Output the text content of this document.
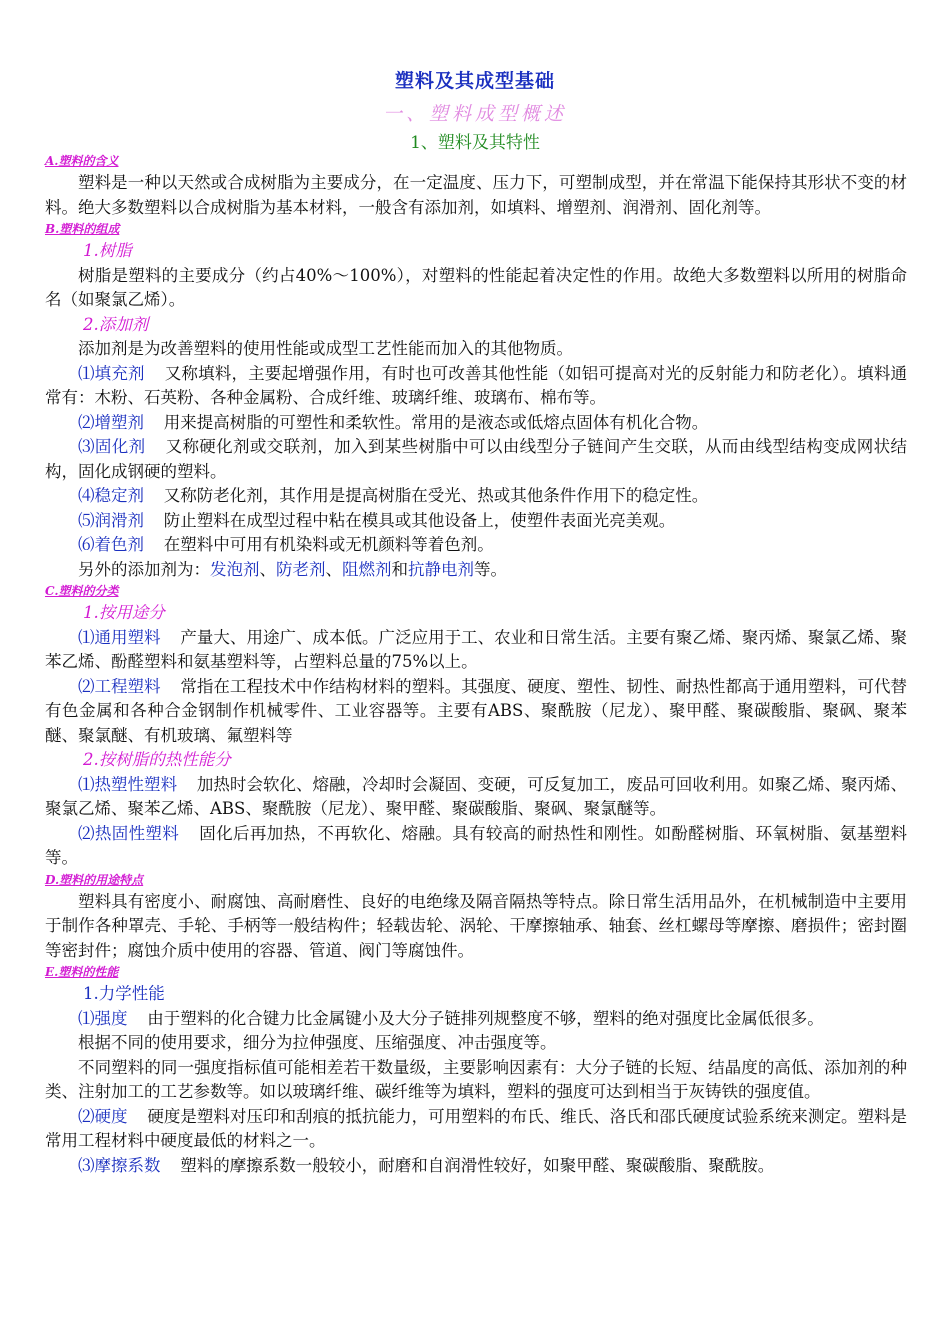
塑料及其成型基础
一、塑料成型概述
1、塑料及其特性
A.塑料的含义

塑料是一种以天然或合成树脂为主要成分，在一定温度、压力下，可塑制成型，并在常温下能保持其形状不变的材料。绝大多数塑料以合成树脂为基本材料，一般含有添加剂，如填料、增塑剂、润滑剂、固化剂等。

B.塑料的组成
1.树脂

树脂是塑料的主要成分（约占40%～100%），对塑料的性能起着决定性的作用。故绝大多数塑料以所用的树脂命名（如聚氯乙烯）。

2.添加剂

添加剂是为改善塑料的使用性能或成型工艺性能而加入的其他物质。

⑴填充剂 又称填料，主要起增强作用，有时也可改善其他性能（如铝可提高对光的反射能力和防老化）。填料通常有：木粉、石英粉、各种金属粉、合成纤维、玻璃纤维、玻璃布、棉布等。

⑵增塑剂 用来提高树脂的可塑性和柔软性。常用的是液态或低熔点固体有机化合物。

⑶固化剂 又称硬化剂或交联剂，加入到某些树脂中可以由线型分子链间产生交联，从而由线型结构变成网状结构，固化成钢硬的塑料。

⑷稳定剂 又称防老化剂，其作用是提高树脂在受光、热或其他条件作用下的稳定性。

⑸润滑剂 防止塑料在成型过程中粘在模具或其他设备上，使塑件表面光亮美观。

⑹着色剂 在塑料中可用有机染料或无机颜料等着色剂。

另外的添加剂为：发泡剂、防老剂、阻燃剂和抗静电剂等。

C.塑料的分类
1.按用途分

⑴通用塑料 产量大、用途广、成本低。广泛应用于工、农业和日常生活。主要有聚乙烯、聚丙烯、聚氯乙烯、聚苯乙烯、酚醛塑料和氨基塑料等，占塑料总量的75%以上。

⑵工程塑料 常指在工程技术中作结构材料的塑料。其强度、硬度、塑性、韧性、耐热性都高于通用塑料，可代替有色金属和各种合金钢制作机械零件、工业容器等。主要有ABS、聚酰胺（尼龙）、聚甲醛、聚碳酸脂、聚砜、聚苯醚、聚氯醚、有机玻璃、氟塑料等

2.按树脂的热性能分

⑴热塑性塑料 加热时会软化、熔融，冷却时会凝固、变硬，可反复加工，废品可回收利用。如聚乙烯、聚丙烯、聚氯乙烯、聚苯乙烯、ABS、聚酰胺（尼龙）、聚甲醛、聚碳酸脂、聚砜、聚氯醚等。

⑵热固性塑料 固化后再加热，不再软化、熔融。具有较高的耐热性和刚性。如酚醛树脂、环氧树脂、氨基塑料等。

D.塑料的用途特点

塑料具有密度小、耐腐蚀、高耐磨性、良好的电绝缘及隔音隔热等特点。除日常生活用品外，在机械制造中主要用于制作各种罩壳、手轮、手柄等一般结构件；轻载齿轮、涡轮、干摩擦轴承、轴套、丝杠螺母等摩擦、磨损件；密封圈等密封件；腐蚀介质中使用的容器、管道、阀门等腐蚀件。

E.塑料的性能
1.力学性能

⑴强度 由于塑料的化合键力比金属键小及大分子链排列规整度不够，塑料的绝对强度比金属低很多。

根据不同的使用要求，细分为拉伸强度、压缩强度、冲击强度等。

不同塑料的同一强度指标值可能相差若干数量级，主要影响因素有：大分子链的长短、结晶度的高低、添加剂的种类、注射加工的工艺参数等。如以玻璃纤维、碳纤维等为填料，塑料的强度可达到相当于灰铸铁的强度值。

⑵硬度 硬度是塑料对压印和刮痕的抵抗能力，可用塑料的布氏、维氏、洛氏和邵氏硬度试验系统来测定。塑料是常用工程材料中硬度最低的材料之一。

⑶摩擦系数 塑料的摩擦系数一般较小，耐磨和自润滑性较好，如聚甲醛、聚碳酸脂、聚酰胺。
